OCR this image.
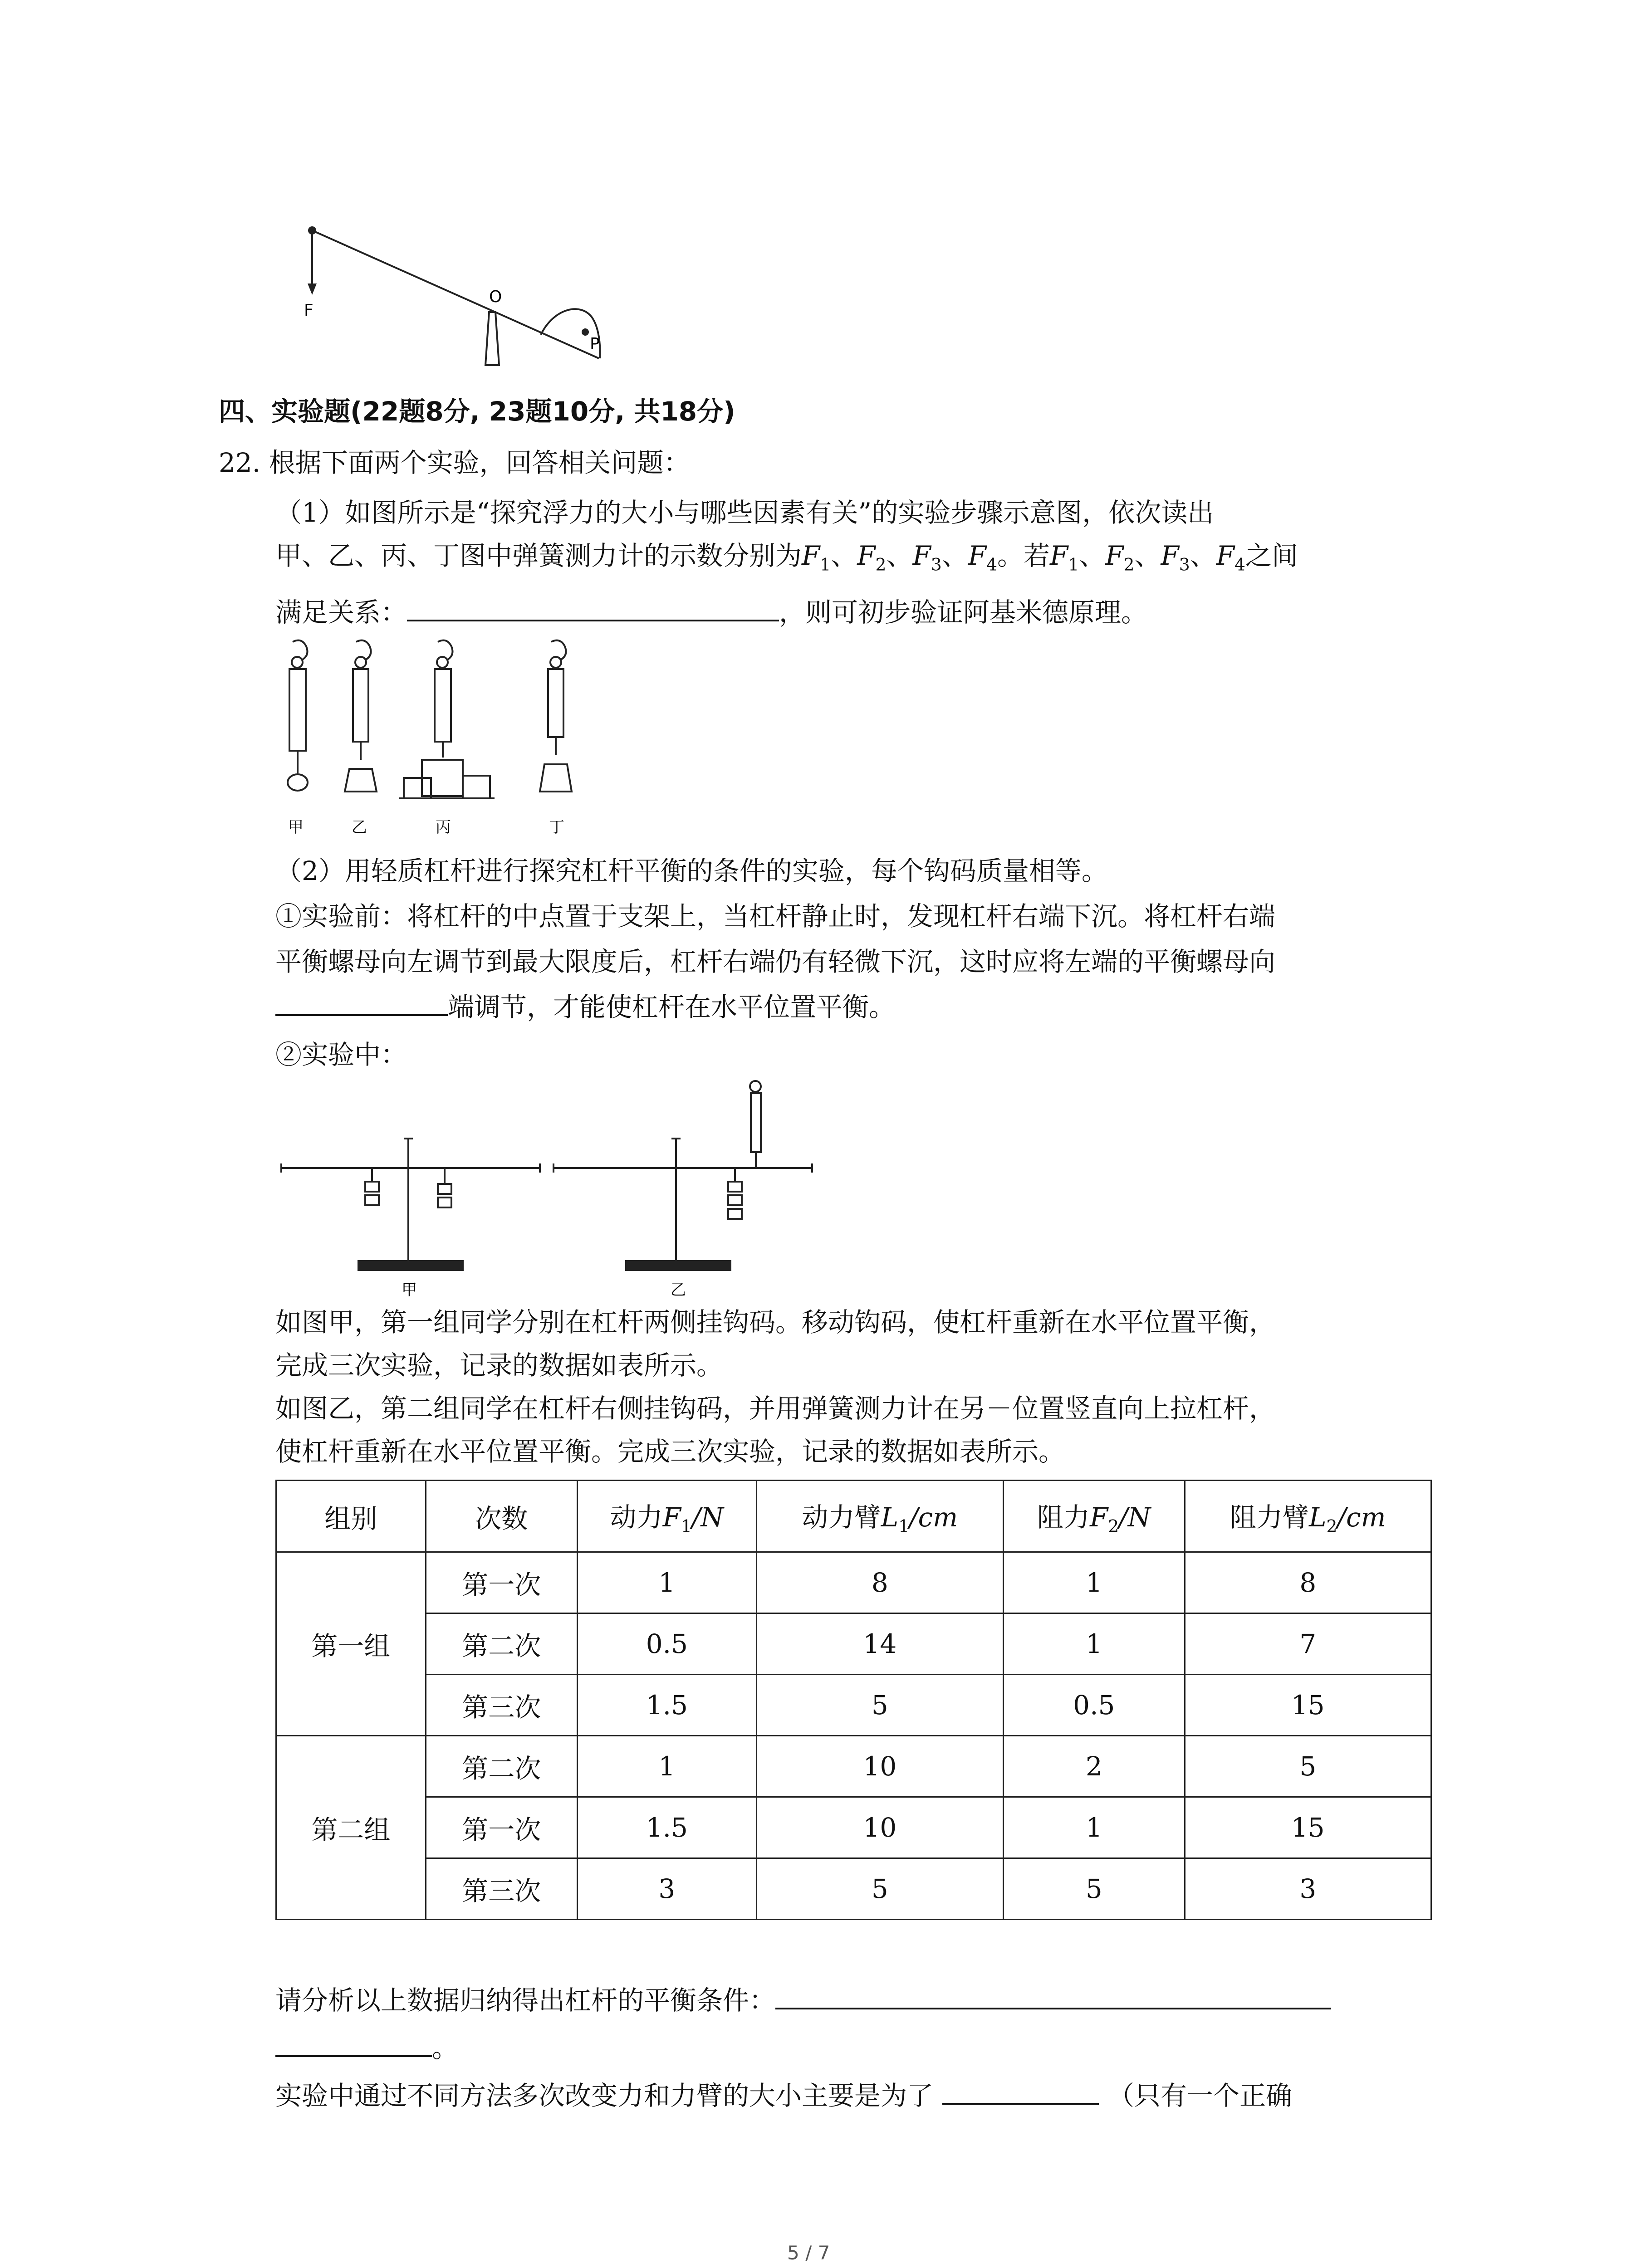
F
O
P
四、实验题(22题8分, 23题10分, 共18分)
22. 根据下面两个实验，回答相关问题：
（1）如图所示是“探究浮力的大小与哪些因素有关”的实验步骤示意图，依次读出
甲、乙、丙、丁图中弹簧测力计的示数分别为$F_1$、$F_2$、$F_3$、$F_4$。若$F_1$、$F_2$、$F_3$、$F_4$之间
满足关系：	，则可初步验证阿基米德原理。
甲	乙	丙	丁
（2）用轻质杠杆进行探究杠杆平衡的条件的实验，每个钩码质量相等。
①实验前：将杠杆的中点置于支架上，当杠杆静止时，发现杠杆右端下沉。将杠杆右端
平衡螺母向左调节到最大限度后，杠杆右端仍有轻微下沉，这时应将左端的平衡螺母向
端调节，才能使杠杆在水平位置平衡。
②实验中：
甲	乙
如图甲，第一组同学分别在杠杆两侧挂钩码。移动钩码，使杠杆重新在水平位置平衡，
完成三次实验，记录的数据如表所示。
如图乙，第二组同学在杠杆右侧挂钩码，并用弹簧测力计在另－位置竖直向上拉杠杆，
使杠杆重新在水平位置平衡。完成三次实验，记录的数据如表所示。
组别	次数	动力$F_1/N$	动力臂$L_1/cm$	阻力$F_2/N$	阻力臂$L_2/cm$
第一组	第一次	1	8	1	8
	第二次	0.5	14	1	7
	第三次	1.5	5	0.5	15
第二组	第二次	1	10	2	5
	第一次	1.5	10	1	15
	第三次	3	5	5	3
请分析以上数据归纳得出杠杆的平衡条件：
。
实验中通过不同方法多次改变力和力臂的大小主要是为了	（只有一个正确
5 / 7
